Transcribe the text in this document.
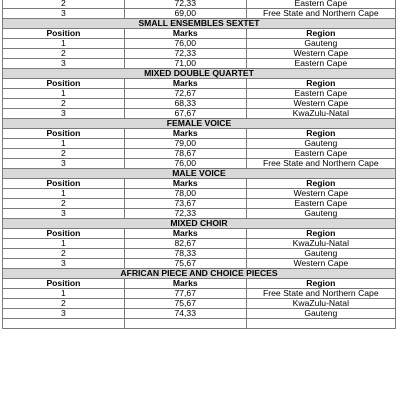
2	72,33	Eastern Cape
3	69,00	Free State and Northern Cape
SMALL ENSEMBLES SEXTET		
Position	Marks	Region
1	76,00	Gauteng
2	72,33	Western Cape
3	71,00	Eastern Cape
MIXED DOUBLE QUARTET		
Position	Marks	Region
1	72,67	Eastern Cape
2	68,33	Western Cape
3	67,67	KwaZulu-Natal
FEMALE VOICE		
Position	Marks	Region
1	79,00	Gauteng
2	78,67	Eastern Cape
3	76,00	Free State and Northern Cape
MALE VOICE		
Position	Marks	Region
1	78,00	Western Cape
2	73,67	Eastern Cape
3	72,33	Gauteng
MIXED CHOIR		
Position	Marks	Region
1	82,67	KwaZulu-Natal
2	78,33	Gauteng
3	75,67	Western Cape
AFRICAN PIECE AND CHOICE PIECES		
Position	Marks	Region
1	77,67	Free State and Northern Cape
2	75,67	KwaZulu-Natal
3	74,33	Gauteng
